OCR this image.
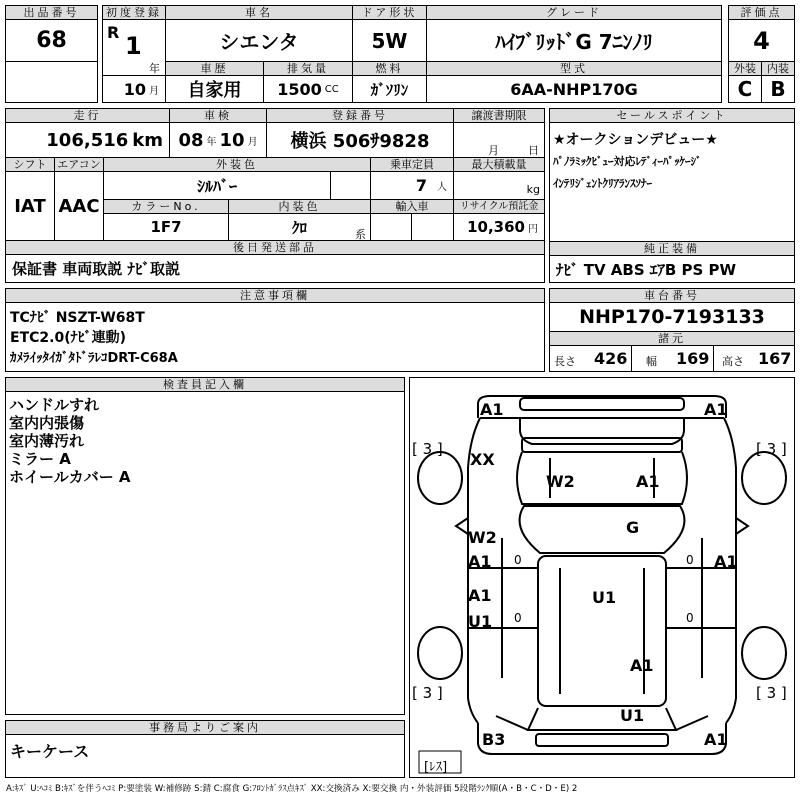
出品番号
68
初度登録
R 1
年
10 月
車名
シエンタ
車歴
自家用
排気量
1500 CC
ドア形状
5W
燃料
ｶﾞｿﾘﾝ
グレード
ﾊｲﾌﾞﾘｯﾄﾞG 7ﾆﾝﾉﾘ
型式
6AA-NHP170G
評価点
4
外装	内装
C B
走行
106,516 km
車検
08 年 10 月
登録番号
横浜 506ｻ9828
譲渡書期限
月	日
シフト
IAT
エアコン
AAC
外装色
ｼﾙﾊﾞｰ
乗車定員
7 人
最大積載量
kg
カラーNo.
1F7
内装色
ｸﾛ	系
輸入車	リサイクル預託金
10,360 円
後日発送部品
保証書 車両取説 ﾅﾋﾞ取説
セールスポイント
★オークションデビュー★
ﾊﾟﾉﾗﾐｯｸﾋﾞｭｰ対応ﾚﾃﾞｨｰﾊﾟｯｹｰｼﾞ
ｲﾝﾃﾘｼﾞｪﾝﾄｸﾘｱﾗﾝｽｿﾅｰ
純正装備
ﾅﾋﾞ TV ABS ｴｱB PS PW
注意事項欄
TCﾅﾋﾞ NSZT-W68T
ETC2.0(ﾅﾋﾞ連動)
ｶﾒﾗｲｯﾀｲｶﾞﾀﾄﾞﾗﾚｺDRT-C68A
車台番号
NHP170-7193133
諸元
長さ 426 幅 169 高さ 167
検査員記入欄
ハンドルすれ
室内内張傷
室内薄汚れ
ミラー A
ホイールカバー A
事務局よりご案内
キーケース
A1	A1
XX
W2	A1
G
W2
A1 0	A1
0
A1
U1 0	0
U1
A1
U1
B3	A1
[ 3 ]	[ 3 ]
[ 3 ]	[ 3 ]
[ﾚｽ]
A:ｷｽﾞ U:ﾍｺﾐ B:ｷｽﾞを伴うﾍｺﾐ P:要塗装 W:補修跡 S:錆 C:腐食 G:ﾌﾛﾝﾄｶﾞﾗｽ点ｷｽﾞ XX:交換済み X:要交換 内・外装評価 5段階ﾗﾝｸ順(A・B・C・D・E) 2
